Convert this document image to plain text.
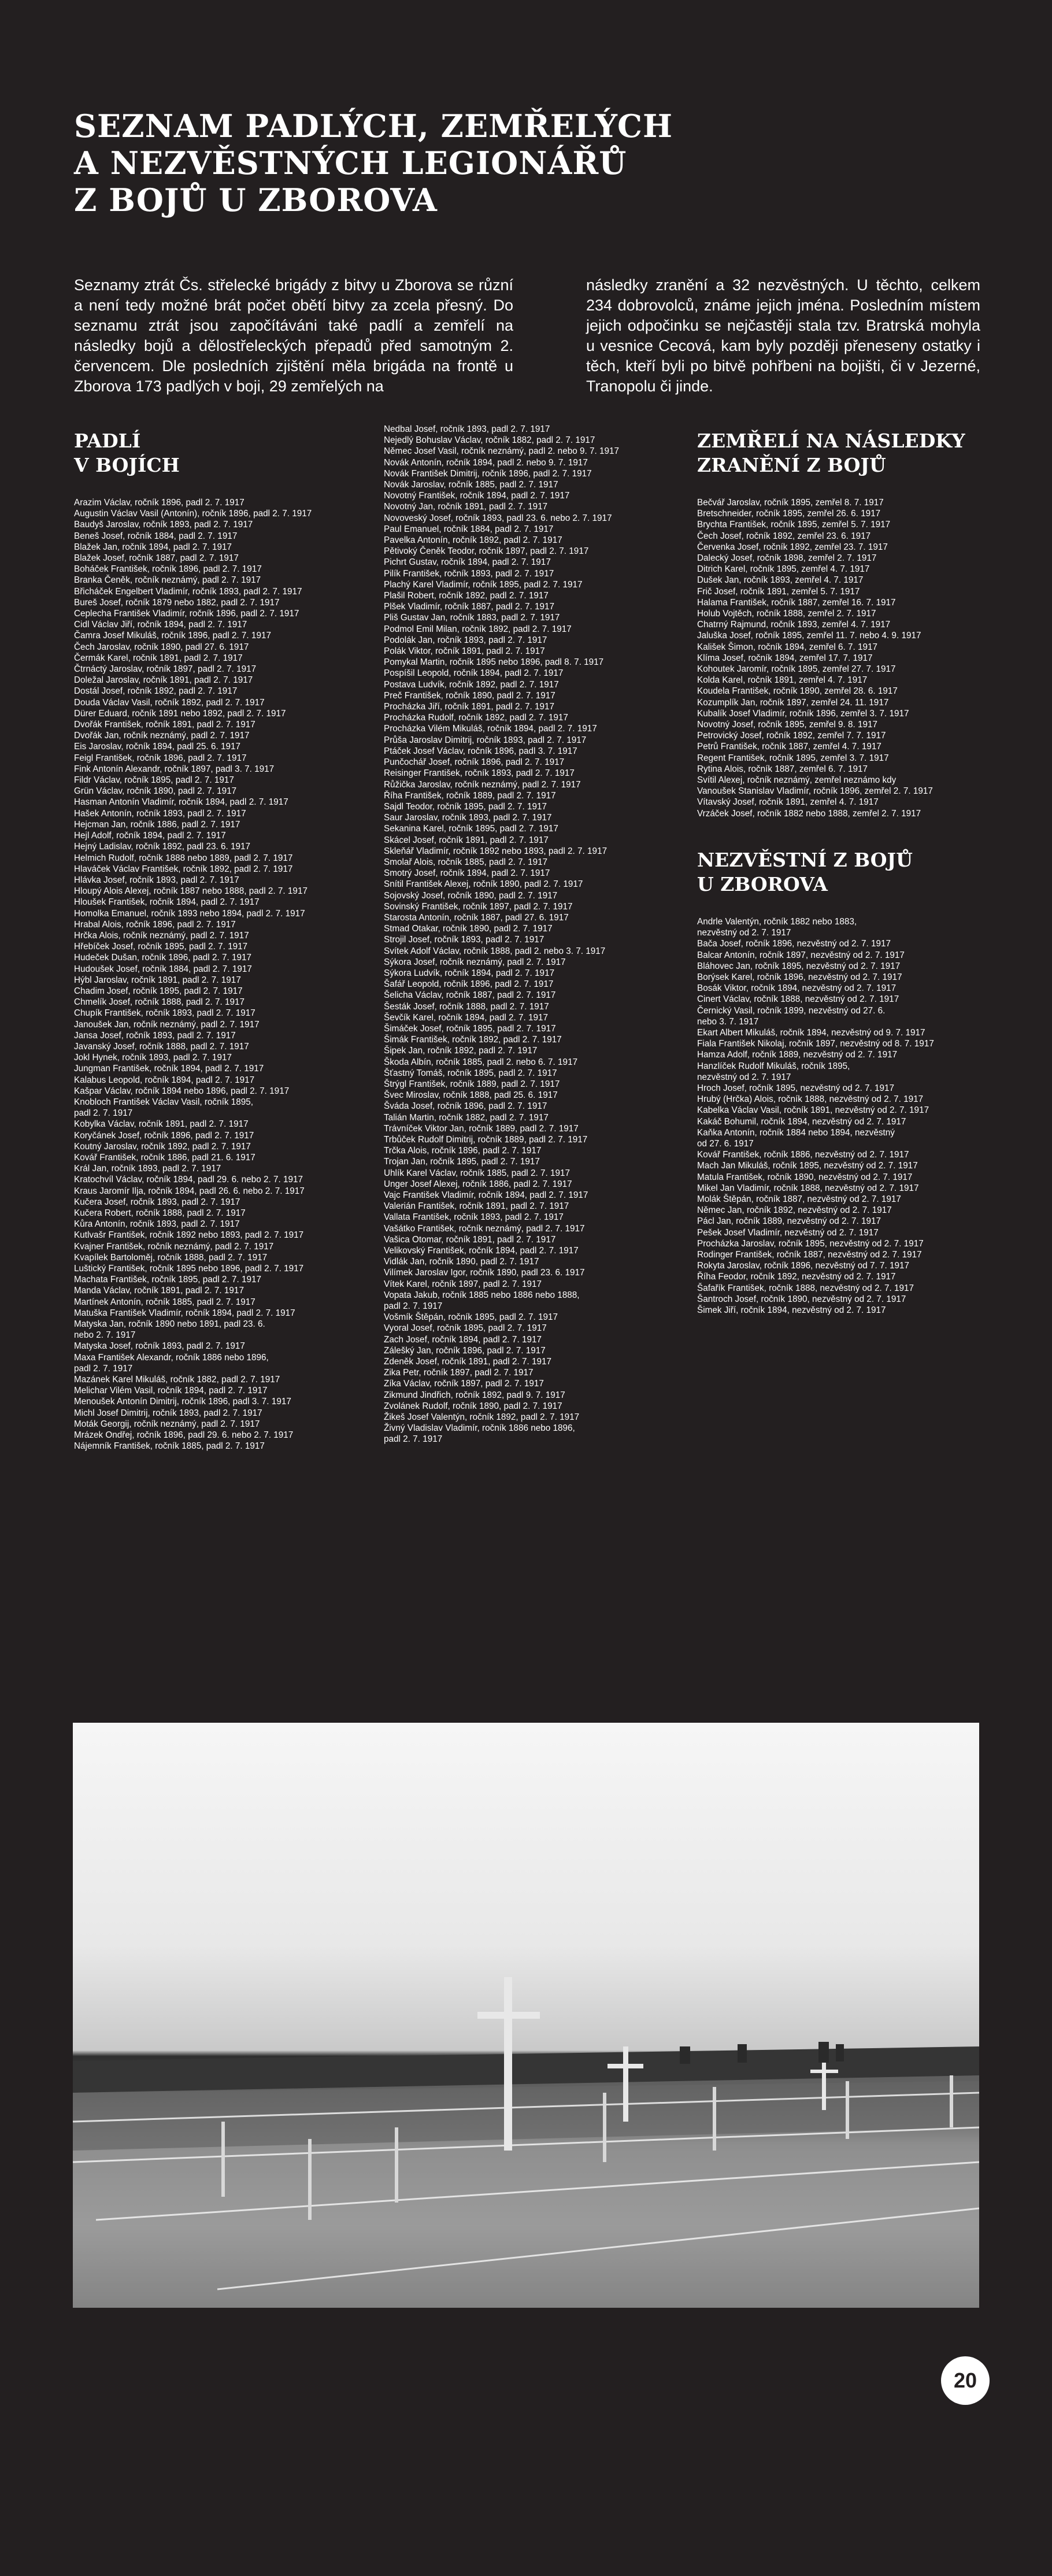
SEZNAM PADLÝCH, ZEMŘELÝCH
A NEZVĚSTNÝCH LEGIONÁŘŮ
Z BOJŮ U ZBOROVA

Seznamy ztrát Čs. střelecké brigády z bitvy u Zborova se různí a není tedy možné brát počet obětí bitvy za zcela přesný. Do seznamu ztrát jsou započítáváni také padlí a zemřelí na následky bojů a dělostřeleckých přepadů před samotným 2. červencem. Dle posledních zjištění měla brigáda na frontě u Zborova 173 padlých v boji, 29 zemřelých na

následky zranění a 32 nezvěstných. U těchto, celkem 234 dobrovolců, známe jejich jména. Posledním místem jejich odpočinku se nejčastěji stala tzv. Bratrská mohyla u vesnice Cecová, kam byly později přeneseny ostatky i těch, kteří byli po bitvě pohřbeni na bojišti, či v Jezerné, Tranopolu či jinde.

PADLÍ
V BOJÍCH
Arazim Václav, ročník 1896, padl 2. 7. 1917
Augustin Václav Vasil (Antonín), ročník 1896, padl 2. 7. 1917
Baudyš Jaroslav, ročník 1893, padl 2. 7. 1917
Beneš Josef, ročník 1884, padl 2. 7. 1917
Blažek Jan, ročník 1894, padl 2. 7. 1917
Blažek Josef, ročník 1887, padl 2. 7. 1917
Boháček František, ročník 1896, padl 2. 7. 1917
Branka Čeněk, ročník neznámý, padl 2. 7. 1917
Břicháček Engelbert Vladimír, ročník 1893, padl 2. 7. 1917
Bureš Josef, ročník 1879 nebo 1882, padl 2. 7. 1917
Ceplecha František Vladimír, ročník 1896, padl 2. 7. 1917
Cidl Václav Jiří, ročník 1894, padl 2. 7. 1917
Čamra Josef Mikuláš, ročník 1896, padl 2. 7. 1917
Čech Jaroslav, ročník 1890, padl 27. 6. 1917
Čermák Karel, ročník 1891, padl 2. 7. 1917
Čtrnáctý Jaroslav, ročník 1897, padl 2. 7. 1917
Doležal Jaroslav, ročník 1891, padl 2. 7. 1917
Dostál Josef, ročník 1892, padl 2. 7. 1917
Douda Václav Vasil, ročník 1892, padl 2. 7. 1917
Dürer Eduard, ročník 1891 nebo 1892, padl 2. 7. 1917
Dvořák František, ročník 1891, padl 2. 7. 1917
Dvořák Jan, ročník neznámý, padl 2. 7. 1917
Eis Jaroslav, ročník 1894, padl 25. 6. 1917
Feigl František, ročník 1896, padl 2. 7. 1917
Fink Antonín Alexandr, ročník 1897, padl 3. 7. 1917
Fildr Václav, ročník 1895, padl 2. 7. 1917
Grün Václav, ročník 1890, padl 2. 7. 1917
Hasman Antonín Vladimír, ročník 1894, padl 2. 7. 1917
Hašek Antonín, ročník 1893, padl 2. 7. 1917
Hejcman Jan, ročník 1886, padl 2. 7. 1917
Hejl Adolf, ročník 1894, padl 2. 7. 1917
Hejný Ladislav, ročník 1892, padl 23. 6. 1917
Helmich Rudolf, ročník 1888 nebo 1889, padl 2. 7. 1917
Hlaváček Václav František, ročník 1892, padl 2. 7. 1917
Hlávka Josef, ročník 1893, padl 2. 7. 1917
Hloupý Alois Alexej, ročník 1887 nebo 1888, padl 2. 7. 1917
Hloušek František, ročník 1894, padl 2. 7. 1917
Homolka Emanuel, ročník 1893 nebo 1894, padl 2. 7. 1917
Hrabal Alois, ročník 1896, padl 2. 7. 1917
Hrčka Alois, ročník neznámý, padl 2. 7. 1917
Hřebíček Josef, ročník 1895, padl 2. 7. 1917
Hudeček Dušan, ročník 1896, padl 2. 7. 1917
Hudoušek Josef, ročník 1884, padl 2. 7. 1917
Hýbl Jaroslav, ročník 1891, padl 2. 7. 1917
Chadim Josef, ročník 1895, padl 2. 7. 1917
Chmelík Josef, ročník 1888, padl 2. 7. 1917
Chupík František, ročník 1893, padl 2. 7. 1917
Janoušek Jan, ročník neznámý, padl 2. 7. 1917
Jansa Josef, ročník 1893, padl 2. 7. 1917
Javanský Josef, ročník 1888, padl 2. 7. 1917
Jokl Hynek, ročník 1893, padl 2. 7. 1917
Jungman František, ročník 1894, padl 2. 7. 1917
Kalabus Leopold, ročník 1894, padl 2. 7. 1917
Kašpar Václav, ročník 1894 nebo 1896, padl 2. 7. 1917
Knobloch František Václav Vasil, ročník 1895,
padl 2. 7. 1917
Kobylka Václav, ročník 1891, padl 2. 7. 1917
Koryčánek Josef, ročník 1896, padl 2. 7. 1917
Koutný Jaroslav, ročník 1892, padl 2. 7. 1917
Kovář František, ročník 1886, padl 21. 6. 1917
Král Jan, ročník 1893, padl 2. 7. 1917
Kratochvíl Václav, ročník 1894, padl 29. 6. nebo 2. 7. 1917
Kraus Jaromír Ilja, ročník 1894, padl 26. 6. nebo 2. 7. 1917
Kučera Josef, ročník 1893, padl 2. 7. 1917
Kučera Robert, ročník 1888, padl 2. 7. 1917
Kůra Antonín, ročník 1893, padl 2. 7. 1917
Kutlvašr František, ročník 1892 nebo 1893, padl 2. 7. 1917
Kvajner František, ročník neznámý, padl 2. 7. 1917
Kvapílek Bartoloměj, ročník 1888, padl 2. 7. 1917
Luštický František, ročník 1895 nebo 1896, padl 2. 7. 1917
Machata František, ročník 1895, padl 2. 7. 1917
Manda Václav, ročník 1891, padl 2. 7. 1917
Martínek Antonín, ročník 1885, padl 2. 7. 1917
Matuška František Vladimír, ročník 1894, padl 2. 7. 1917
Matyska Jan, ročník 1890 nebo 1891, padl 23. 6.
nebo 2. 7. 1917
Matyska Josef, ročník 1893, padl 2. 7. 1917
Maxa František Alexandr, ročník 1886 nebo 1896,
padl 2. 7. 1917
Mazánek Karel Mikuláš, ročník 1882, padl 2. 7. 1917
Melichar Vilém Vasil, ročník 1894, padl 2. 7. 1917
Menoušek Antonín Dimitrij, ročník 1896, padl 3. 7. 1917
Michl Josef Dimitrij, ročník 1893, padl 2. 7. 1917
Moták Georgij, ročník neznámý, padl 2. 7. 1917
Mrázek Ondřej, ročník 1896, padl 29. 6. nebo 2. 7. 1917
Nájemník František, ročník 1885, padl 2. 7. 1917
Nedbal Josef, ročník 1893, padl 2. 7. 1917
Nejedlý Bohuslav Václav, ročník 1882, padl 2. 7. 1917
Němec Josef Vasil, ročník neznámý, padl 2. nebo 9. 7. 1917
Novák Antonín, ročník 1894, padl 2. nebo 9. 7. 1917
Novák František Dimitrij, ročník 1896, padl 2. 7. 1917
Novák Jaroslav, ročník 1885, padl 2. 7. 1917
Novotný František, ročník 1894, padl 2. 7. 1917
Novotný Jan, ročník 1891, padl 2. 7. 1917
Novoveský Josef, ročník 1893, padl 23. 6. nebo 2. 7. 1917
Paul Emanuel, ročník 1884, padl 2. 7. 1917
Pavelka Antonín, ročník 1892, padl 2. 7. 1917
Pětivoký Čeněk Teodor, ročník 1897, padl 2. 7. 1917
Pichrt Gustav, ročník 1894, padl 2. 7. 1917
Pilík František, ročník 1893, padl 2. 7. 1917
Plachý Karel Vladimír, ročník 1895, padl 2. 7. 1917
Plašil Robert, ročník 1892, padl 2. 7. 1917
Plšek Vladimír, ročník 1887, padl 2. 7. 1917
Pliš Gustav Jan, ročník 1883, padl 2. 7. 1917
Podmol Emil Milan, ročník 1892, padl 2. 7. 1917
Podolák Jan, ročník 1893, padl 2. 7. 1917
Polák Viktor, ročník 1891, padl 2. 7. 1917
Pomykal Martin, ročník 1895 nebo 1896, padl 8. 7. 1917
Pospíšil Leopold, ročník 1894, padl 2. 7. 1917
Postava Ludvík, ročník 1892, padl 2. 7. 1917
Preč František, ročník 1890, padl 2. 7. 1917
Procházka Jiří, ročník 1891, padl 2. 7. 1917
Procházka Rudolf, ročník 1892, padl 2. 7. 1917
Procházka Vilém Mikuláš, ročník 1894, padl 2. 7. 1917
Průša Jaroslav Dimitrij, ročník 1893, padl 2. 7. 1917
Ptáček Josef Václav, ročník 1896, padl 3. 7. 1917
Punčochář Josef, ročník 1896, padl 2. 7. 1917
Reisinger František, ročník 1893, padl 2. 7. 1917
Růžička Jaroslav, ročník neznámý, padl 2. 7. 1917
Říha František, ročník 1889, padl 2. 7. 1917
Sajdl Teodor, ročník 1895, padl 2. 7. 1917
Saur Jaroslav, ročník 1893, padl 2. 7. 1917
Sekanina Karel, ročník 1895, padl 2. 7. 1917
Skácel Josef, ročník 1891, padl 2. 7. 1917
Skleňář Vladimír, ročník 1892 nebo 1893, padl 2. 7. 1917
Smolař Alois, ročník 1885, padl 2. 7. 1917
Smotrý Josef, ročník 1894, padl 2. 7. 1917
Snítil František Alexej, ročník 1890, padl 2. 7. 1917
Sojovský Josef, ročník 1890, padl 2. 7. 1917
Sovinský František, ročník 1897, padl 2. 7. 1917
Starosta Antonín, ročník 1887, padl 27. 6. 1917
Stmad Otakar, ročník 1890, padl 2. 7. 1917
Strojil Josef, ročník 1893, padl 2. 7. 1917
Svítek Adolf Václav, ročník 1888, padl 2. nebo 3. 7. 1917
Sýkora Josef, ročník neznámý, padl 2. 7. 1917
Sýkora Ludvík, ročník 1894, padl 2. 7. 1917
Šafář Leopold, ročník 1896, padl 2. 7. 1917
Šelicha Václav, ročník 1887, padl 2. 7. 1917
Šesták Josef, ročník 1888, padl 2. 7. 1917
Ševčík Karel, ročník 1894, padl 2. 7. 1917
Šimáček Josef, ročník 1895, padl 2. 7. 1917
Šimák František, ročník 1892, padl 2. 7. 1917
Šipek Jan, ročník 1892, padl 2. 7. 1917
Škoda Albín, ročník 1885, padl 2. nebo 6. 7. 1917
Šťastný Tomáš, ročník 1895, padl 2. 7. 1917
Štrýgl František, ročník 1889, padl 2. 7. 1917
Švec Miroslav, ročník 1888, padl 25. 6. 1917
Šváda Josef, ročník 1896, padl 2. 7. 1917
Talián Martin, ročník 1882, padl 2. 7. 1917
Trávníček Viktor Jan, ročník 1889, padl 2. 7. 1917
Trbůček Rudolf Dimitrij, ročník 1889, padl 2. 7. 1917
Trčka Alois, ročník 1896, padl 2. 7. 1917
Trojan Jan, ročník 1895, padl 2. 7. 1917
Uhlík Karel Václav, ročník 1885, padl 2. 7. 1917
Unger Josef Alexej, ročník 1886, padl 2. 7. 1917
Vajc František Vladimír, ročník 1894, padl 2. 7. 1917
Valerián František, ročník 1891, padl 2. 7. 1917
Vallata František, ročník 1893, padl 2. 7. 1917
Vašátko František, ročník neznámý, padl 2. 7. 1917
Vašica Otomar, ročník 1891, padl 2. 7. 1917
Velikovský František, ročník 1894, padl 2. 7. 1917
Vidlák Jan, ročník 1890, padl 2. 7. 1917
Vilímek Jaroslav Igor, ročník 1890, padl 23. 6. 1917
Vítek Karel, ročník 1897, padl 2. 7. 1917
Vopata Jakub, ročník 1885 nebo 1886 nebo 1888,
padl 2. 7. 1917
Vošmík Štěpán, ročník 1895, padl 2. 7. 1917
Vyoral Josef, ročník 1895, padl 2. 7. 1917
Zach Josef, ročník 1894, padl 2. 7. 1917
Zálešký Jan, ročník 1896, padl 2. 7. 1917
Zdeněk Josef, ročník 1891, padl 2. 7. 1917
Zika Petr, ročník 1897, padl 2. 7. 1917
Zíka Václav, ročník 1897, padl 2. 7. 1917
Zikmund Jindřich, ročník 1892, padl 9. 7. 1917
Zvolánek Rudolf, ročník 1890, padl 2. 7. 1917
Žikeš Josef Valentýn, ročník 1892, padl 2. 7. 1917
Živný Vladislav Vladimír, ročník 1886 nebo 1896,
padl 2. 7. 1917
ZEMŘELÍ NA NÁSLEDKY
ZRANĚNÍ Z BOJŮ
Bečvář Jaroslav, ročník 1895, zemřel 8. 7. 1917
Bretschneider, ročník 1895, zemřel 26. 6. 1917
Brychta František, ročník 1895, zemřel 5. 7. 1917
Čech Josef, ročník 1892, zemřel 23. 6. 1917
Červenka Josef, ročník 1892, zemřel 23. 7. 1917
Dalecký Josef, ročník 1898, zemřel 2. 7. 1917
Ditrich Karel, ročník 1895, zemřel 4. 7. 1917
Dušek Jan, ročník 1893, zemřel 4. 7. 1917
Frič Josef, ročník 1891, zemřel 5. 7. 1917
Halama František, ročník 1887, zemřel 16. 7. 1917
Holub Vojtěch, ročník 1888, zemřel 2. 7. 1917
Chatrný Rajmund, ročník 1893, zemřel 4. 7. 1917
Jaluška Josef, ročník 1895, zemřel 11. 7. nebo 4. 9. 1917
Kališek Šimon, ročník 1894, zemřel 6. 7. 1917
Klíma Josef, ročník 1894, zemřel 17. 7. 1917
Kohoutek Jaromír, ročník 1895, zemřel 27. 7. 1917
Kolda Karel, ročník 1891, zemřel 4. 7. 1917
Koudela František, ročník 1890, zemřel 28. 6. 1917
Kozumplík Jan, ročník 1897, zemřel 24. 11. 1917
Kubalík Josef Vladimír, ročník 1896, zemřel 3. 7. 1917
Novotný Josef, ročník 1895, zemřel 9. 8. 1917
Petrovický Josef, ročník 1892, zemřel 7. 7. 1917
Petrů František, ročník 1887, zemřel 4. 7. 1917
Regent František, ročník 1895, zemřel 3. 7. 1917
Rytina Alois, ročník 1887, zemřel 6. 7. 1917
Svítil Alexej, ročník neznámý, zemřel neznámo kdy
Vanoušek Stanislav Vladimír, ročník 1896, zemřel 2. 7. 1917
Vítavský Josef, ročník 1891, zemřel 4. 7. 1917
Vrzáček Josef, ročník 1882 nebo 1888, zemřel 2. 7. 1917
NEZVĚSTNÍ Z BOJŮ
U ZBOROVA
Andrle Valentýn, ročník 1882 nebo 1883,
nezvěstný od 2. 7. 1917
Bača Josef, ročník 1896, nezvěstný od 2. 7. 1917
Balcar Antonín, ročník 1897, nezvěstný od 2. 7. 1917
Bláhovec Jan, ročník 1895, nezvěstný od 2. 7. 1917
Borýsek Karel, ročník 1896, nezvěstný od 2. 7. 1917
Bosák Viktor, ročník 1894, nezvěstný od 2. 7. 1917
Cinert Václav, ročník 1888, nezvěstný od 2. 7. 1917
Černický Vasil, ročník 1899, nezvěstný od 27. 6.
nebo 3. 7. 1917
Ekart Albert Mikuláš, ročník 1894, nezvěstný od 9. 7. 1917
Fiala František Nikolaj, ročník 1897, nezvěstný od 8. 7. 1917
Hamza Adolf, ročník 1889, nezvěstný od 2. 7. 1917
Hanzlíček Rudolf Mikuláš, ročník 1895,
nezvěstný od 2. 7. 1917
Hroch Josef, ročník 1895, nezvěstný od 2. 7. 1917
Hrubý (Hrčka) Alois, ročník 1888, nezvěstný od 2. 7. 1917
Kabelka Václav Vasil, ročník 1891, nezvěstný od 2. 7. 1917
Kakáč Bohumil, ročník 1894, nezvěstný od 2. 7. 1917
Kaňka Antonín, ročník 1884 nebo 1894, nezvěstný
od 27. 6. 1917
Kovář František, ročník 1886, nezvěstný od 2. 7. 1917
Mach Jan Mikuláš, ročník 1895, nezvěstný od 2. 7. 1917
Matula František, ročník 1890, nezvěstný od 2. 7. 1917
Mikel Jan Vladimír, ročník 1888, nezvěstný od 2. 7. 1917
Molák Štěpán, ročník 1887, nezvěstný od 2. 7. 1917
Němec Jan, ročník 1892, nezvěstný od 2. 7. 1917
Pácl Jan, ročník 1889, nezvěstný od 2. 7. 1917
Pešek Josef Vladimír, nezvěstný od 2. 7. 1917
Procházka Jaroslav, ročník 1895, nezvěstný od 2. 7. 1917
Rodinger František, ročník 1887, nezvěstný od 2. 7. 1917
Rokyta Jaroslav, ročník 1896, nezvěstný od 7. 7. 1917
Říha Feodor, ročník 1892, nezvěstný od 2. 7. 1917
Šafařík František, ročník 1888, nezvěstný od 2. 7. 1917
Šantroch Josef, ročník 1890, nezvěstný od 2. 7. 1917
Šimek Jiří, ročník 1894, nezvěstný od 2. 7. 1917
20
